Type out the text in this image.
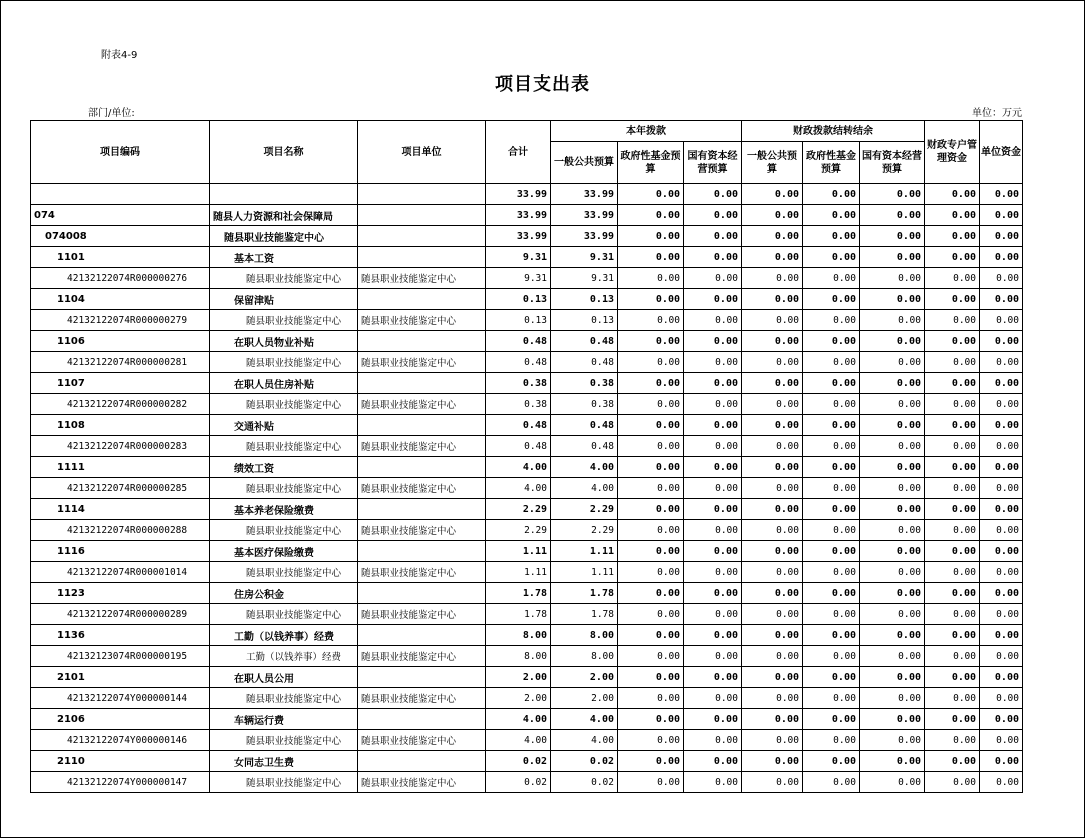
附表4-9
项目支出表
部门/单位:	单位：万元
项目编码	项目名称	项目单位	合计	本年拨款			财政拨款结转结余			财政专户管理资金	单位资金
				一般公共预算	政府性基金预算	国有资本经营预算	一般公共预算	政府性基金预算	国有资本经营预算		
			33.99	33.99	0.00	0.00	0.00	0.00	0.00	0.00	0.00
074	随县人力资源和社会保障局		33.99	33.99	0.00	0.00	0.00	0.00	0.00	0.00	0.00
074008	随县职业技能鉴定中心		33.99	33.99	0.00	0.00	0.00	0.00	0.00	0.00	0.00
1101	基本工资		9.31	9.31	0.00	0.00	0.00	0.00	0.00	0.00	0.00
42132122074R000000276	随县职业技能鉴定中心	随县职业技能鉴定中心	9.31	9.31	0.00	0.00	0.00	0.00	0.00	0.00	0.00
1104	保留津贴		0.13	0.13	0.00	0.00	0.00	0.00	0.00	0.00	0.00
42132122074R000000279	随县职业技能鉴定中心	随县职业技能鉴定中心	0.13	0.13	0.00	0.00	0.00	0.00	0.00	0.00	0.00
1106	在职人员物业补贴		0.48	0.48	0.00	0.00	0.00	0.00	0.00	0.00	0.00
42132122074R000000281	随县职业技能鉴定中心	随县职业技能鉴定中心	0.48	0.48	0.00	0.00	0.00	0.00	0.00	0.00	0.00
1107	在职人员住房补贴		0.38	0.38	0.00	0.00	0.00	0.00	0.00	0.00	0.00
42132122074R000000282	随县职业技能鉴定中心	随县职业技能鉴定中心	0.38	0.38	0.00	0.00	0.00	0.00	0.00	0.00	0.00
1108	交通补贴		0.48	0.48	0.00	0.00	0.00	0.00	0.00	0.00	0.00
42132122074R000000283	随县职业技能鉴定中心	随县职业技能鉴定中心	0.48	0.48	0.00	0.00	0.00	0.00	0.00	0.00	0.00
1111	绩效工资		4.00	4.00	0.00	0.00	0.00	0.00	0.00	0.00	0.00
42132122074R000000285	随县职业技能鉴定中心	随县职业技能鉴定中心	4.00	4.00	0.00	0.00	0.00	0.00	0.00	0.00	0.00
1114	基本养老保险缴费		2.29	2.29	0.00	0.00	0.00	0.00	0.00	0.00	0.00
42132122074R000000288	随县职业技能鉴定中心	随县职业技能鉴定中心	2.29	2.29	0.00	0.00	0.00	0.00	0.00	0.00	0.00
1116	基本医疗保险缴费		1.11	1.11	0.00	0.00	0.00	0.00	0.00	0.00	0.00
42132122074R000001014	随县职业技能鉴定中心	随县职业技能鉴定中心	1.11	1.11	0.00	0.00	0.00	0.00	0.00	0.00	0.00
1123	住房公积金		1.78	1.78	0.00	0.00	0.00	0.00	0.00	0.00	0.00
42132122074R000000289	随县职业技能鉴定中心	随县职业技能鉴定中心	1.78	1.78	0.00	0.00	0.00	0.00	0.00	0.00	0.00
1136	工勤（以钱养事）经费		8.00	8.00	0.00	0.00	0.00	0.00	0.00	0.00	0.00
42132123074R000000195	工勤（以钱养事）经费	随县职业技能鉴定中心	8.00	8.00	0.00	0.00	0.00	0.00	0.00	0.00	0.00
2101	在职人员公用		2.00	2.00	0.00	0.00	0.00	0.00	0.00	0.00	0.00
42132122074Y000000144	随县职业技能鉴定中心	随县职业技能鉴定中心	2.00	2.00	0.00	0.00	0.00	0.00	0.00	0.00	0.00
2106	车辆运行费		4.00	4.00	0.00	0.00	0.00	0.00	0.00	0.00	0.00
42132122074Y000000146	随县职业技能鉴定中心	随县职业技能鉴定中心	4.00	4.00	0.00	0.00	0.00	0.00	0.00	0.00	0.00
2110	女同志卫生费		0.02	0.02	0.00	0.00	0.00	0.00	0.00	0.00	0.00
42132122074Y000000147	随县职业技能鉴定中心	随县职业技能鉴定中心	0.02	0.02	0.00	0.00	0.00	0.00	0.00	0.00	0.00
